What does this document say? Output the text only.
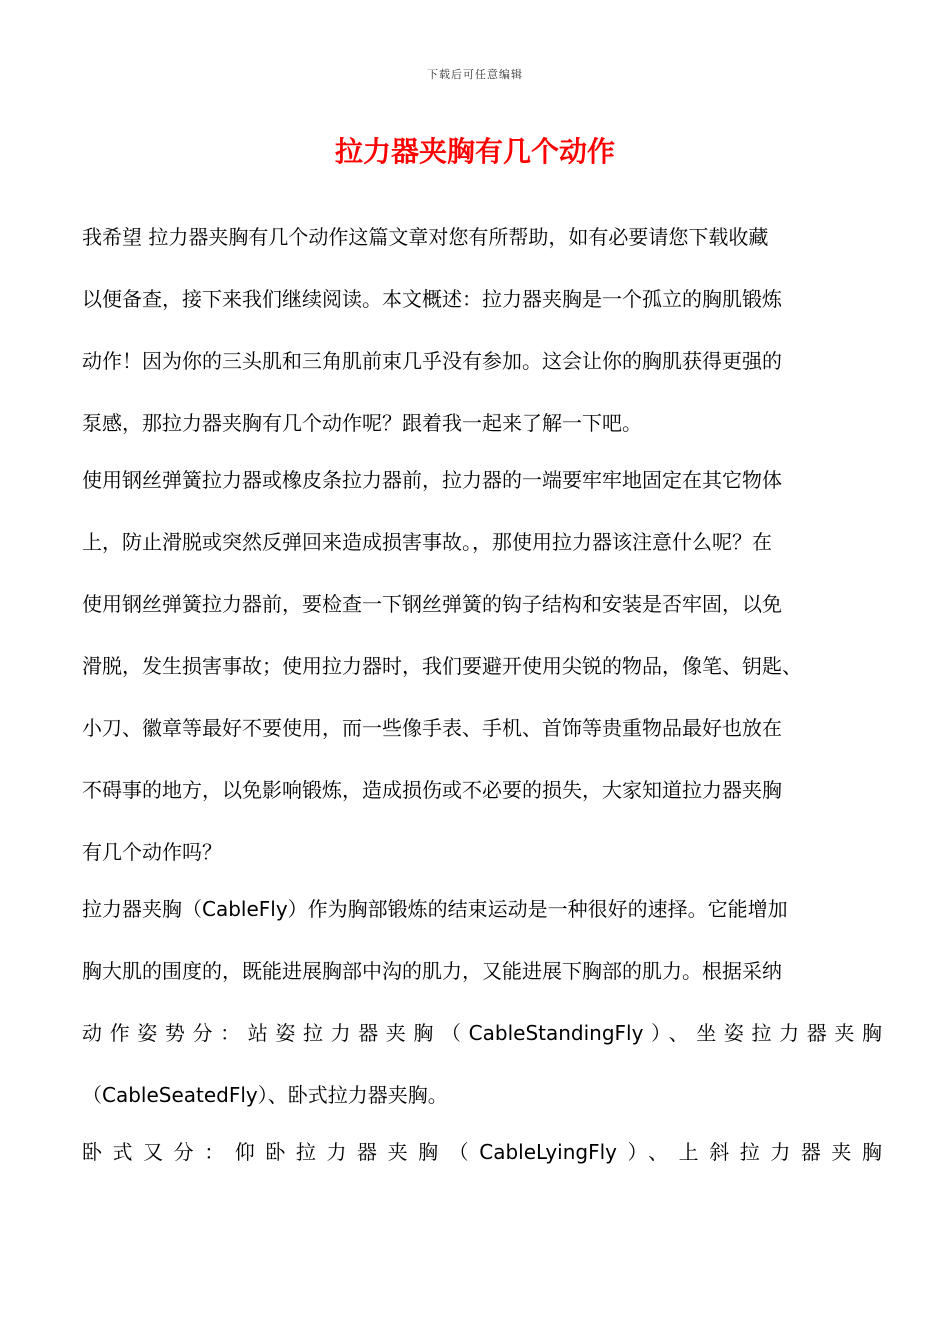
下载后可任意编辑
拉力器夹胸有几个动作
我希望 拉力器夹胸有几个动作这篇文章对您有所帮助，如有必要请您下载收藏
以便备查，接下来我们继续阅读。本文概述：拉力器夹胸是一个孤立的胸肌锻炼
动作！因为你的三头肌和三角肌前束几乎没有参加。这会让你的胸肌获得更强的
泵感，那拉力器夹胸有几个动作呢？跟着我一起来了解一下吧。
使用钢丝弹簧拉力器或橡皮条拉力器前，拉力器的一端要牢牢地固定在其它物体
上，防止滑脱或突然反弹回来造成损害事故。，那使用拉力器该注意什么呢？在
使用钢丝弹簧拉力器前，要检查一下钢丝弹簧的钩子结构和安装是否牢固，以免
滑脱，发生损害事故；使用拉力器时，我们要避开使用尖锐的物品，像笔、钥匙、
小刀、徽章等最好不要使用，而一些像手表、手机、首饰等贵重物品最好也放在
不碍事的地方，以免影响锻炼，造成损伤或不必要的损失，大家知道拉力器夹胸
有几个动作吗？
拉力器夹胸（CableFly）作为胸部锻炼的结束运动是一种很好的速择。它能增加
胸大肌的围度的，既能进展胸部中沟的肌力，又能进展下胸部的肌力。根据采纳
动作姿势分：站姿拉力器夹胸（CableStandingFly）、坐姿拉力器夹胸
（CableSeatedFly）、卧式拉力器夹胸。
卧式又分：仰卧拉力器夹胸（CableLyingFly）、上斜拉力器夹胸
